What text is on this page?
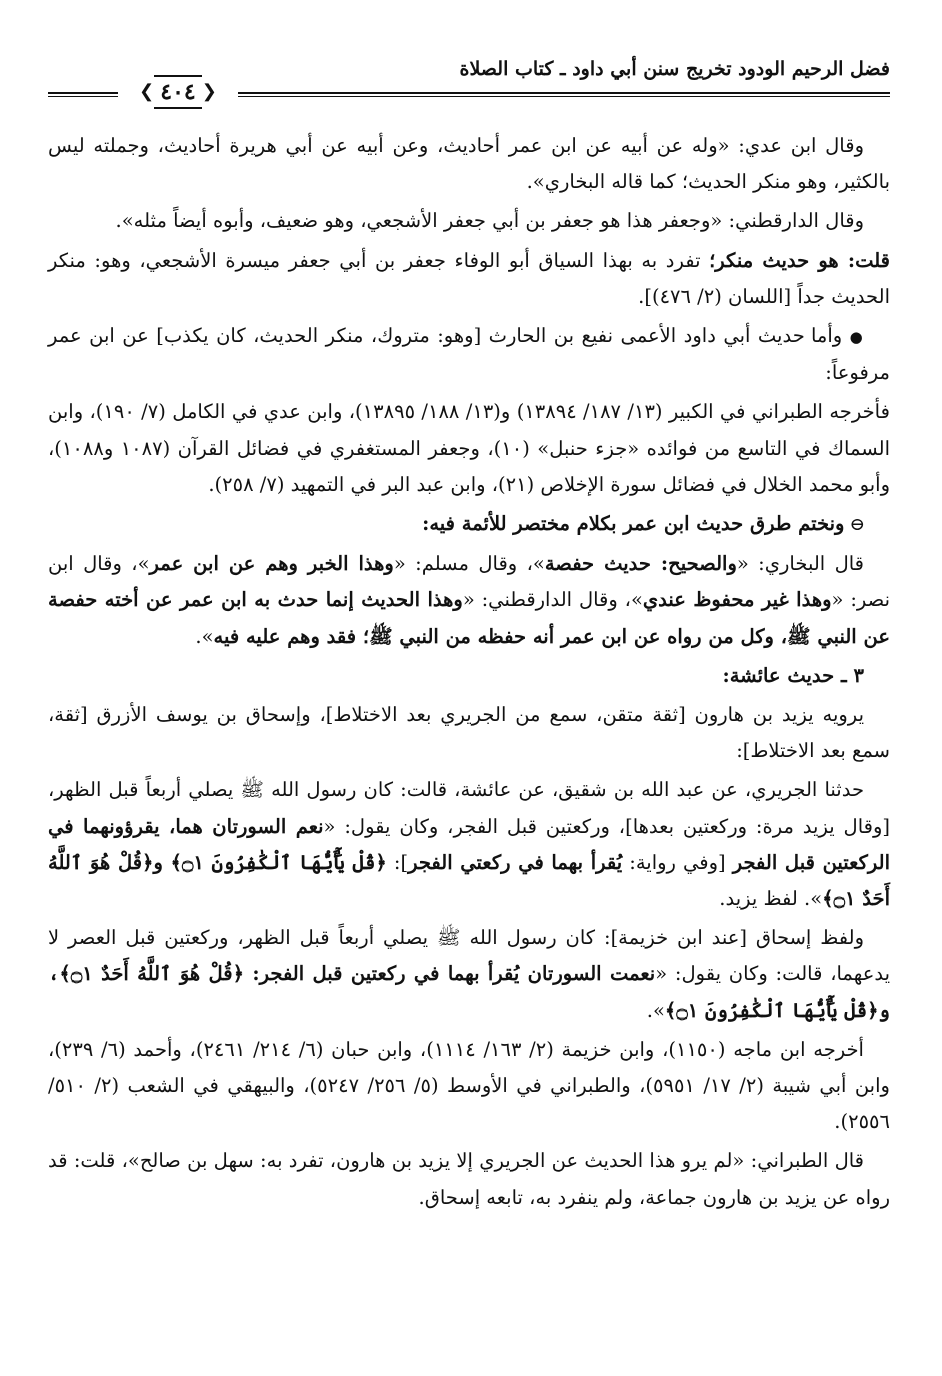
فضل الرحيم الودود تخريج سنن أبي داود ـ كتاب الصلاة
❮ ٤٠٤ ❯

وقال ابن عدي: «وله عن أبيه عن ابن عمر أحاديث، وعن أبيه عن أبي هريرة أحاديث، وجملته ليس بالكثير، وهو منكر الحديث؛ كما قاله البخاري».

وقال الدارقطني: «وجعفر هذا هو جعفر بن أبي جعفر الأشجعي، وهو ضعيف، وأبوه أيضاً مثله».

قلت: هو حديث منكر؛ تفرد به بهذا السياق أبو الوفاء جعفر بن أبي جعفر ميسرة الأشجعي، وهو: منكر الحديث جداً [اللسان (٢/ ٤٧٦)].

● وأما حديث أبي داود الأعمى نفيع بن الحارث [وهو: متروك، منكر الحديث، كان يكذب] عن ابن عمر مرفوعاً:

فأخرجه الطبراني في الكبير (١٣/ ١٨٧/ ١٣٨٩٤) و(١٣/ ١٨٨/ ١٣٨٩٥)، وابن عدي في الكامل (٧/ ١٩٠)، وابن السماك في التاسع من فوائده «جزء حنبل» (١٠)، وجعفر المستغفري في فضائل القرآن (١٠٨٧ و١٠٨٨)، وأبو محمد الخلال في فضائل سورة الإخلاص (٢١)، وابن عبد البر في التمهيد (٧/ ٢٥٨).

ⴱ ونختم طرق حديث ابن عمر بكلام مختصر للأئمة فيه:

قال البخاري: «والصحيح: حديث حفصة»، وقال مسلم: «وهذا الخبر وهم عن ابن عمر»، وقال ابن نصر: «وهذا غير محفوظ عندي»، وقال الدارقطني: «وهذا الحديث إنما حدث به ابن عمر عن أخته حفصة عن النبي ﷺ، وكل من رواه عن ابن عمر أنه حفظه من النبي ﷺ؛ فقد وهم عليه فيه».

٣ ـ حديث عائشة:

يرويه يزيد بن هارون [ثقة متقن، سمع من الجريري بعد الاختلاط]، وإسحاق بن يوسف الأزرق [ثقة، سمع بعد الاختلاط]:

حدثنا الجريري، عن عبد الله بن شقيق، عن عائشة، قالت: كان رسول الله ﷺ يصلي أربعاً قبل الظهر، [وقال يزيد مرة: وركعتين بعدها]، وركعتين قبل الفجر، وكان يقول: «نعم السورتان هما، يقرؤونهما في الركعتين قبل الفجر [وفي رواية: يُقرأ بهما في ركعتي الفجر]: ﴿قُلْ يَٰٓأَيُّهَا ٱلْكَٰفِرُونَ ۝١﴾ و﴿قُلْ هُوَ ٱللَّهُ أَحَدٌ ۝١﴾». لفظ يزيد.

ولفظ إسحاق [عند ابن خزيمة]: كان رسول الله ﷺ يصلي أربعاً قبل الظهر، وركعتين قبل العصر لا يدعهما، قالت: وكان يقول: «نعمت السورتان يُقرأ بهما في ركعتين قبل الفجر: ﴿قُلْ هُوَ ٱللَّهُ أَحَدٌ ۝١﴾، و﴿قُلْ يَٰٓأَيُّهَا ٱلْكَٰفِرُونَ ۝١﴾».

أخرجه ابن ماجه (١١٥٠)، وابن خزيمة (٢/ ١٦٣/ ١١١٤)، وابن حبان (٦/ ٢١٤/ ٢٤٦١)، وأحمد (٦/ ٢٣٩)، وابن أبي شيبة (٢/ ١٧/ ٥٩٥١)، والطبراني في الأوسط (٥/ ٢٥٦/ ٥٢٤٧)، والبيهقي في الشعب (٢/ ٥١٠/ ٢٥٥٦).

قال الطبراني: «لم يرو هذا الحديث عن الجريري إلا يزيد بن هارون، تفرد به: سهل بن صالح»، قلت: قد رواه عن يزيد بن هارون جماعة، ولم ينفرد به، تابعه إسحاق.
